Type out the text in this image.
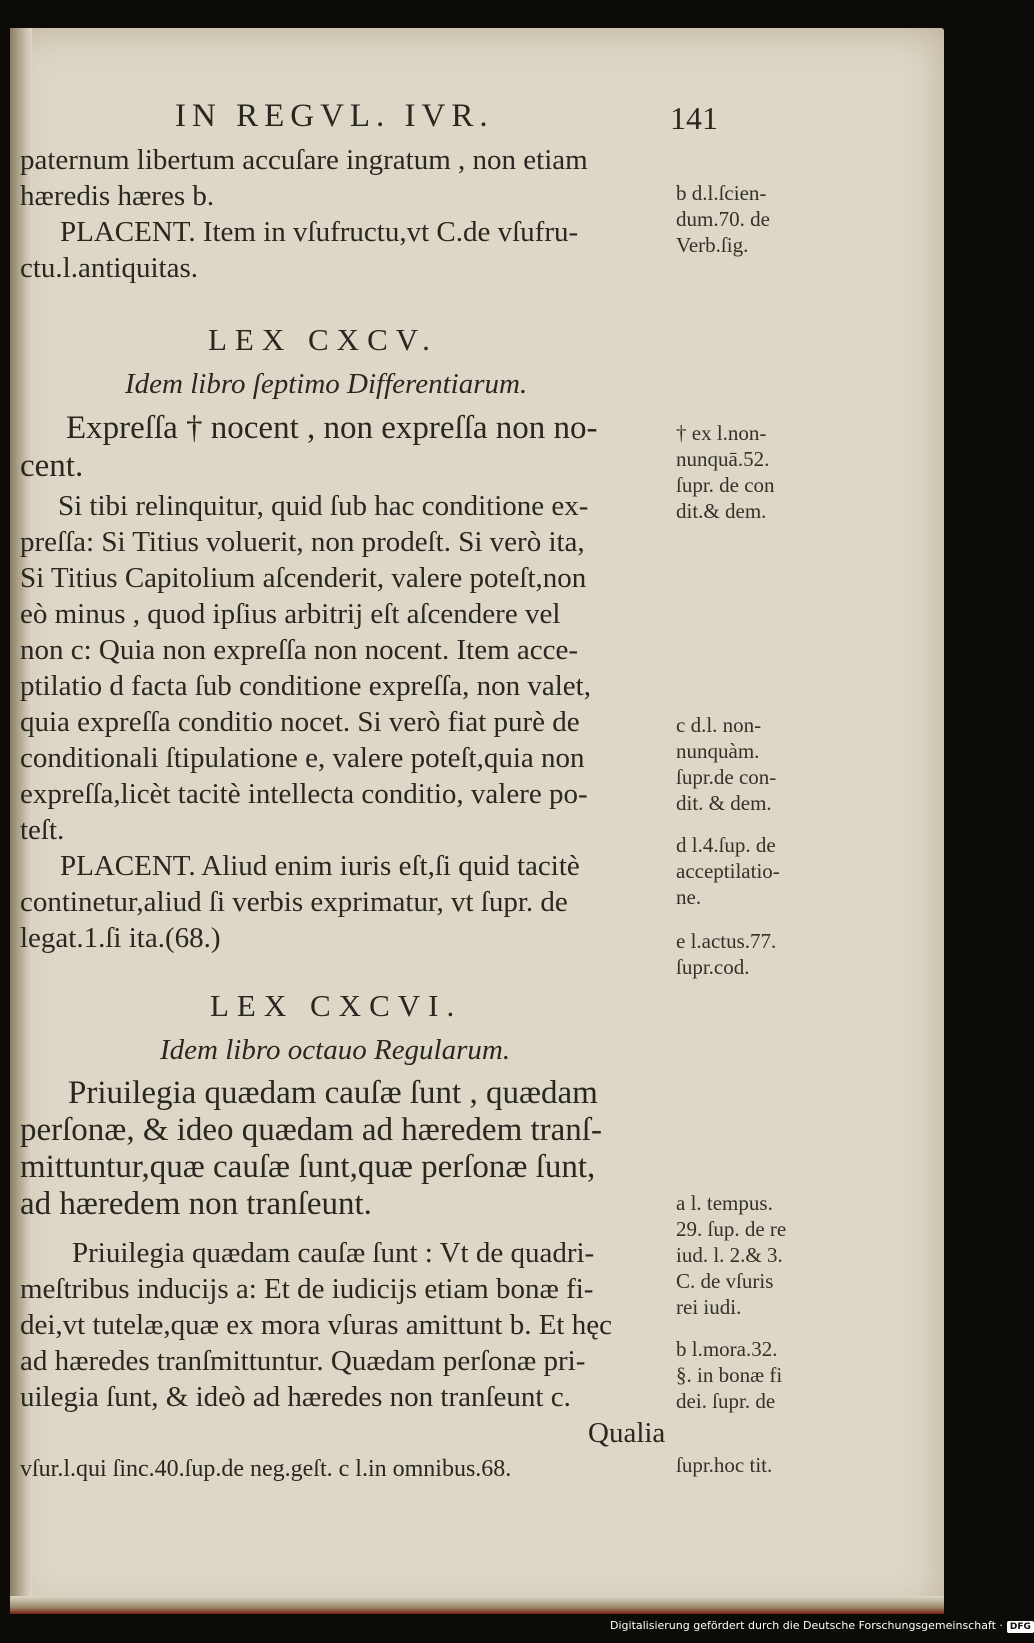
IN REGVL. IVR.	141
paternum libertum accuſare ingratum , non etiam
hæredis hæres b.
PLACENT. Item in vſufructu,vt C.de vſufru-
ctu.l.antiquitas.
LEX CXCV.
Idem libro ſeptimo Differentiarum.
Expreſſa † nocent , non expreſſa non no-
cent.
Si tibi relinquitur, quid ſub hac conditione ex-
preſſa: Si Titius voluerit, non prodeſt. Si verò ita,
Si Titius Capitolium aſcenderit, valere poteſt,non
eò minus , quod ipſius arbitrij eſt aſcendere vel
non c: Quia non expreſſa non nocent. Item acce-
ptilatio d facta ſub conditione expreſſa, non valet,
quia expreſſa conditio nocet. Si verò fiat purè de
conditionali ſtipulatione e, valere poteſt,quia non
expreſſa,licèt tacitè intellecta conditio, valere po-
teſt.
PLACENT. Aliud enim iuris eſt,ſi quid tacitè
continetur,aliud ſi verbis exprimatur, vt ſupr. de
legat.1.ſi ita.(68.)
LEX CXCVI.
Idem libro octauo Regularum.
Priuilegia quædam cauſæ ſunt , quædam
perſonæ, & ideo quædam ad hæredem tranſ-
mittuntur,quæ cauſæ ſunt,quæ perſonæ ſunt,
ad hæredem non tranſeunt.
Priuilegia quædam cauſæ ſunt : Vt de quadri-
meſtribus inducijs a: Et de iudicijs etiam bonæ fi-
dei,vt tutelæ,quæ ex mora vſuras amittunt b. Et hęc
ad hæredes tranſmittuntur. Quædam perſonæ pri-
uilegia ſunt, & ideò ad hæredes non tranſeunt c.
Qualia
vſur.l.qui ſinc.40.ſup.de neg.geſt. c l.in omnibus.68.
b d.l.ſcien-
dum.70. de
Verb.ſig.
† ex l.non-
nunquā.52.
ſupr. de con
dit.& dem.
c d.l. non-
nunquàm.
ſupr.de con-
dit. & dem.
d l.4.ſup. de
acceptilatio-
ne.
e l.actus.77.
ſupr.cod.
a l. tempus.
29. ſup. de re
iud. l. 2.& 3.
C. de vſuris
rei iudi.
b l.mora.32.
§. in bonæ fi
dei. ſupr. de
ſupr.hoc tit.
Digitalisierung gefördert durch die Deutsche Forschungsgemeinschaft · DFG
